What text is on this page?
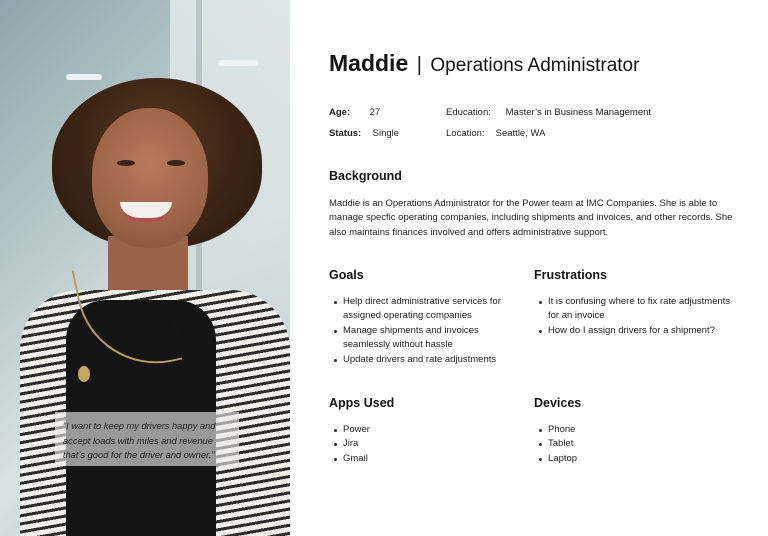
“I want to keep my drivers happy and accept loads with miles and revenue that’s good for the driver and owner.”
Maddie | Operations Administrator
Age: 27
Status: Single
Education: Master’s in Business Management
Location: Seattle, WA
Background
Maddie is an Operations Administrator for the Power team at IMC Companies. She is able to manage specfic operating companies, including shipments and invoices, and other records. She also maintains finances involved and offers administrative support.
Goals
Help direct administrative services for assigned operating companies
Manage shipments and invoices seamlessly without hassle
Update drivers and rate adjustments
Frustrations
It is confusing where to fix rate adjustments for an invoice
How do I assign drivers for a shipment?
Apps Used
Power
Jira
Gmail
Devices
Phone
Tablet
Laptop
